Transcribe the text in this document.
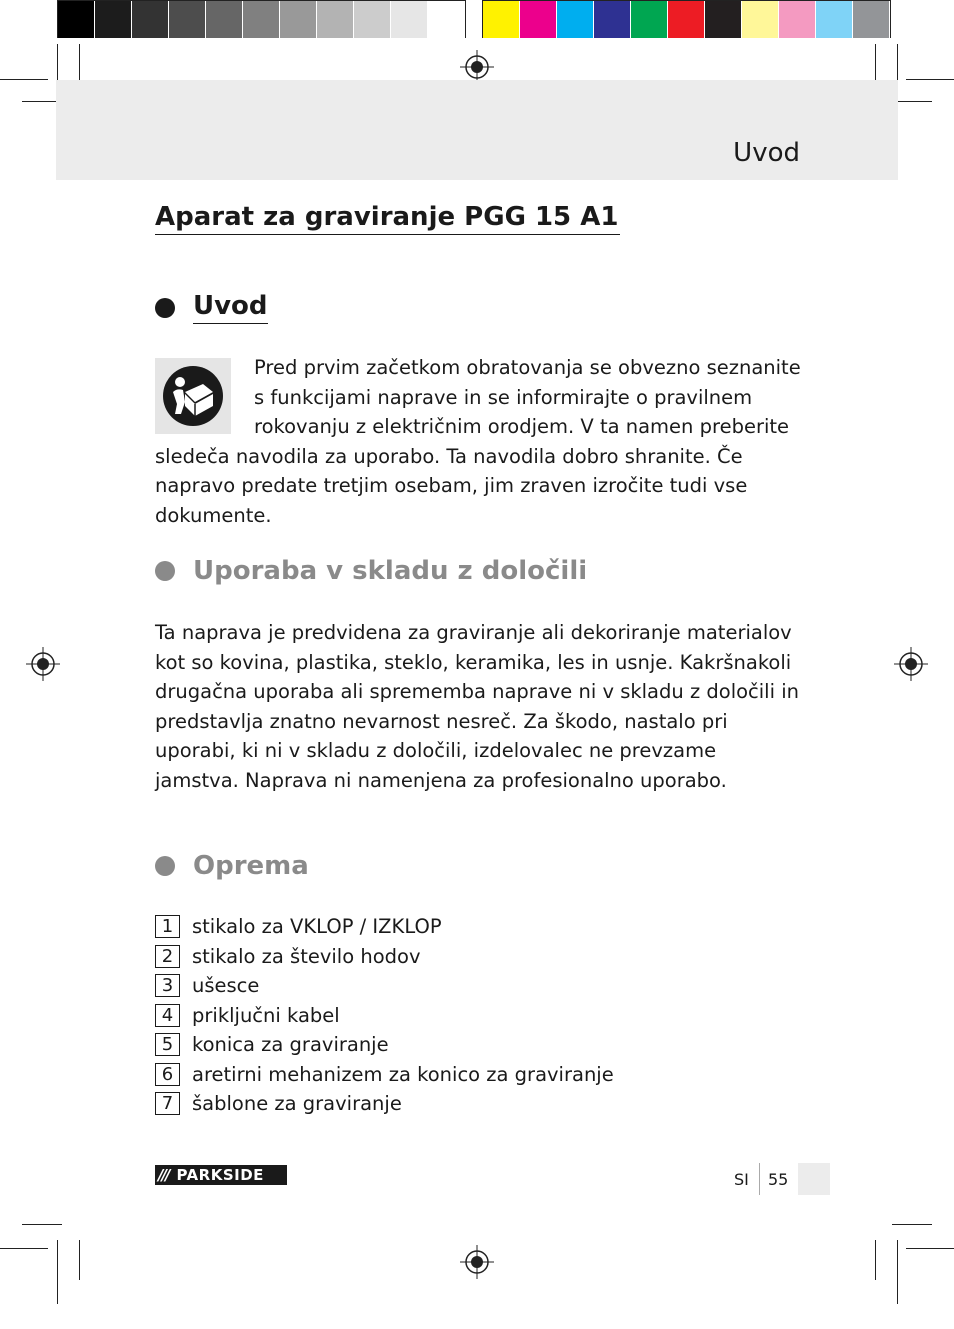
Uvod
Aparat za graviranje PGG 15 A1
Uvod
Pred prvim začetkom obratovanja se obvezno seznanite s funkcijami naprave in se informirajte o pravilnem rokovanju z električnim orodjem. V ta namen preberite sledeča navodila za uporabo. Ta navodila dobro shranite. Če napravo predate tretjim osebam, jim zraven izročite tudi vse dokumente.
Uporaba v skladu z določili
Ta naprava je predvidena za graviranje ali dekoriranje materialov kot so kovina, plastika, steklo, keramika, les in usnje. Kakršnakoli drugačna uporaba ali sprememba naprave ni v skladu z določili in predstavlja znatno nevarnost nesreč. Za škodo, nastalo pri uporabi, ki ni v skladu z določili, izdelovalec ne prevzame jamstva. Naprava ni namenjena za profesionalno uporabo.
Oprema
1 stikalo za VKLOP / IZKLOP
2 stikalo za število hodov
3 ušesce
4 priključni kabel
5 konica za graviranje
6 aretirni mehanizem za konico za graviranje
7 šablone za graviranje
/// PARKSIDE	SI 55
